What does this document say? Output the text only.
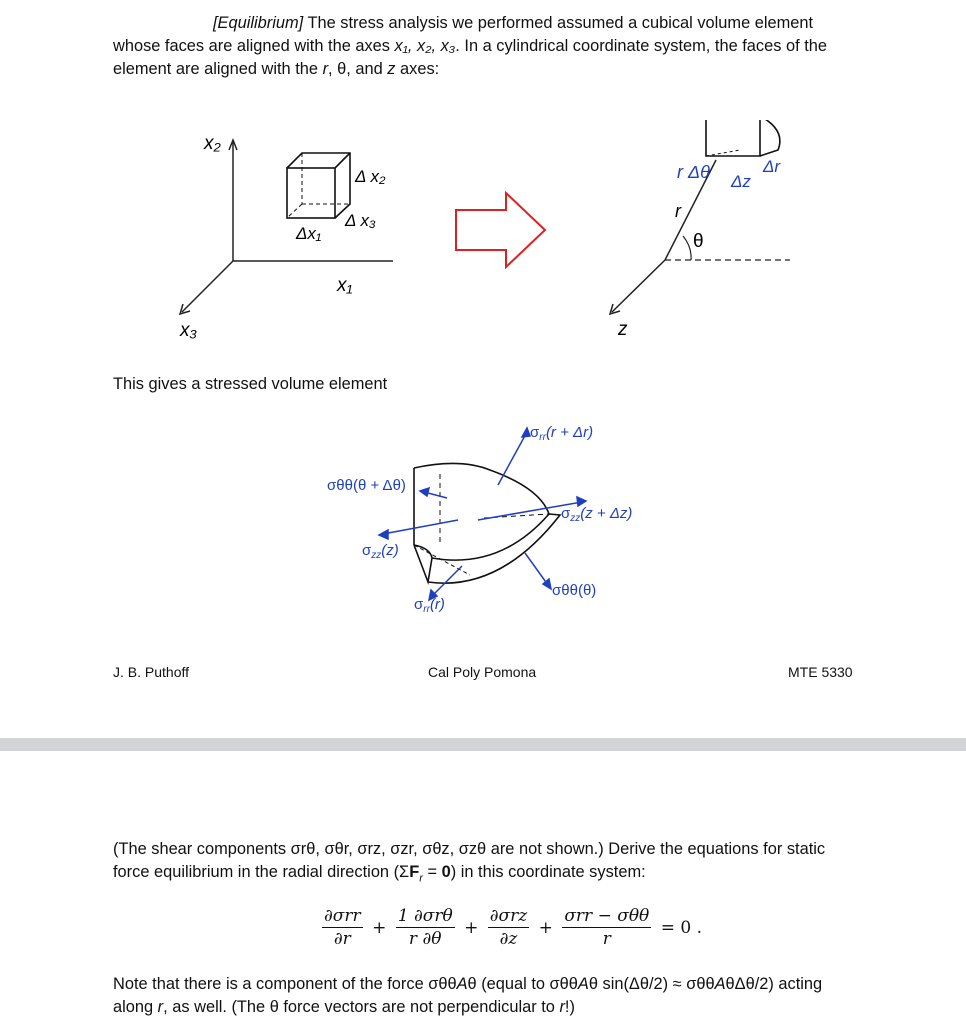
[Equilibrium] The stress analysis we performed assumed a cubical volume element whose faces are aligned with the axes x₁, x₂, x₃. In a cylindrical coordinate system, the faces of the element are aligned with the r, θ, and z axes:
x₂
x₃
x₁
Δx₁
Δ x₂
Δ x₃
r Δθ Δz
Δr
r
θ
z
This gives a stressed volume element
$\sigma_{rr}(r + \Delta r)$
σθθ(θ + Δθ)
$\sigma_{zz}(z + \Delta z)$
$\sigma_{zz}(z)$
σθθ(θ)
$\sigma_{rr}(r)$
J. B. Puthoff	Cal Poly Pomona	MTE 5330
(The shear components σrθ, σθr, σrz, σzr, σθz, σzθ are not shown.) Derive the equations for static force equilibrium in the radial direction $(\Sigma F_r = 0)$ in this coordinate system:
$\frac{\text{∂σrr}}{\partial r} + \frac{\text{1 ∂σrθ}}{r \partial\theta} + \frac{\text{∂σrz}}{\partial z} + \frac{\text{σrr − σθθ}}{r} = 0$ .
Note that there is a component of the force σθθAθ (equal to σθθAθ sin(Δθ/2) ≈ σθθAθΔθ/2) acting along r, as well. (The θ force vectors are not perpendicular to r!)
